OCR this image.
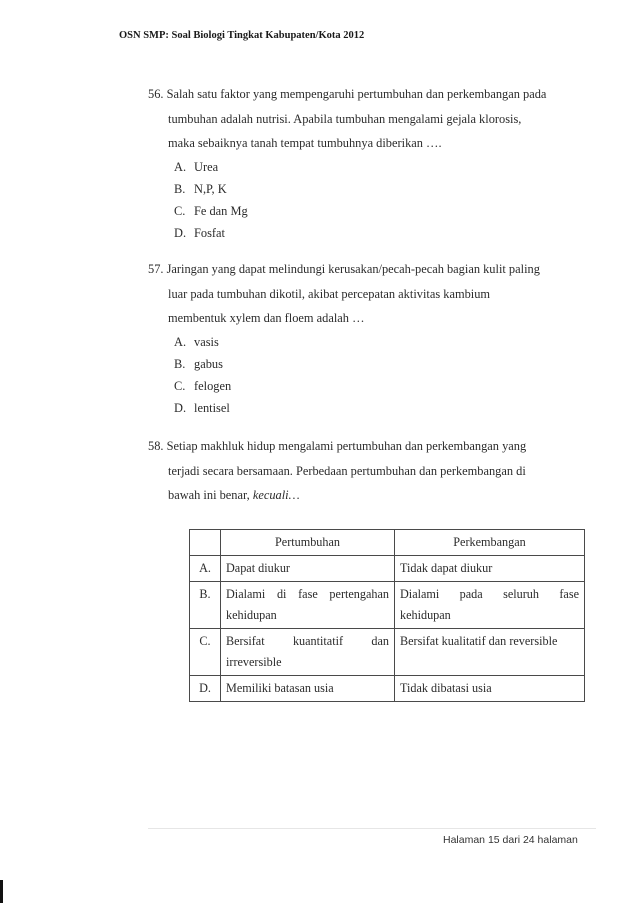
OSN SMP: Soal Biologi Tingkat Kabupaten/Kota 2012
56. Salah satu faktor yang mempengaruhi pertumbuhan dan perkembangan pada
tumbuhan adalah nutrisi. Apabila tumbuhan mengalami gejala klorosis,
maka sebaiknya tanah tempat tumbuhnya diberikan ….
A. Urea
B. N,P, K
C. Fe dan Mg
D. Fosfat
57. Jaringan yang dapat melindungi kerusakan/pecah-pecah bagian kulit paling
luar pada tumbuhan dikotil, akibat percepatan aktivitas kambium
membentuk xylem dan floem adalah …
A. vasis
B. gabus
C. felogen
D. lentisel
58. Setiap makhluk hidup mengalami pertumbuhan dan perkembangan yang
terjadi secara bersamaan. Perbedaan pertumbuhan dan perkembangan di
bawah ini benar, kecuali…
	Pertumbuhan	Perkembangan
A.	Dapat diukur	Tidak dapat diukur
B.	Dialami di fase pertengahan kehidupan	Dialami pada seluruh fase kehidupan
C.	Bersifat kuantitatif dan irreversible	Bersifat kualitatif dan reversible
D.	Memiliki batasan usia	Tidak dibatasi usia
Halaman 15 dari 24 halaman
